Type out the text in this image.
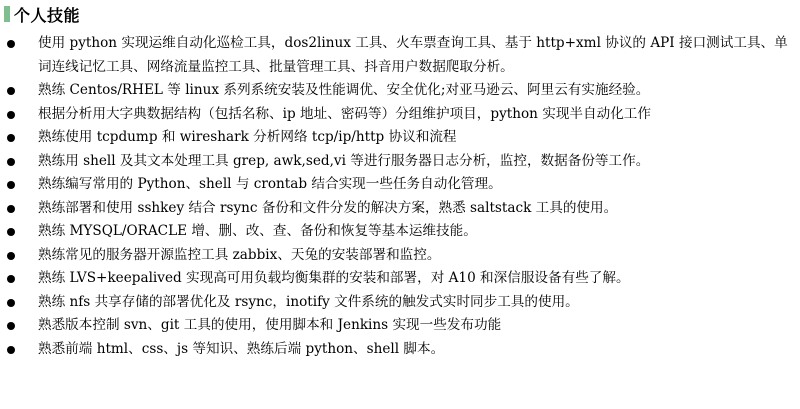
个人技能
使用 python 实现运维自动化巡检工具，dos2linux 工具、火车票查询工具、基于 http+xml 协议的 API 接口测试工具、单词连线记忆工具、网络流量监控工具、批量管理工具、抖音用户数据爬取分析。
熟练 Centos/RHEL 等 linux 系列系统安装及性能调优、安全优化;对亚马逊云、阿里云有实施经验。
根据分析用大字典数据结构（包括名称、ip 地址、密码等）分组维护项目，python 实现半自动化工作
熟练使用 tcpdump 和 wireshark 分析网络 tcp/ip/http 协议和流程
熟练用 shell 及其文本处理工具 grep, awk,sed,vi 等进行服务器日志分析，监控，数据备份等工作。
熟练编写常用的 Python、shell 与 crontab 结合实现一些任务自动化管理。
熟练部署和使用 sshkey 结合 rsync 备份和文件分发的解决方案，熟悉 saltstack 工具的使用。
熟练 MYSQL/ORACLE 增、删、改、查、备份和恢复等基本运维技能。
熟练常见的服务器开源监控工具 zabbix、天兔的安装部署和监控。
熟练 LVS+keepalived 实现高可用负载均衡集群的安装和部署，对 A10 和深信服设备有些了解。
熟练 nfs 共享存储的部署优化及 rsync，inotify 文件系统的触发式实时同步工具的使用。
熟悉版本控制 svn、git 工具的使用，使用脚本和 Jenkins 实现一些发布功能
熟悉前端 html、css、js 等知识、熟练后端 python、shell 脚本。
